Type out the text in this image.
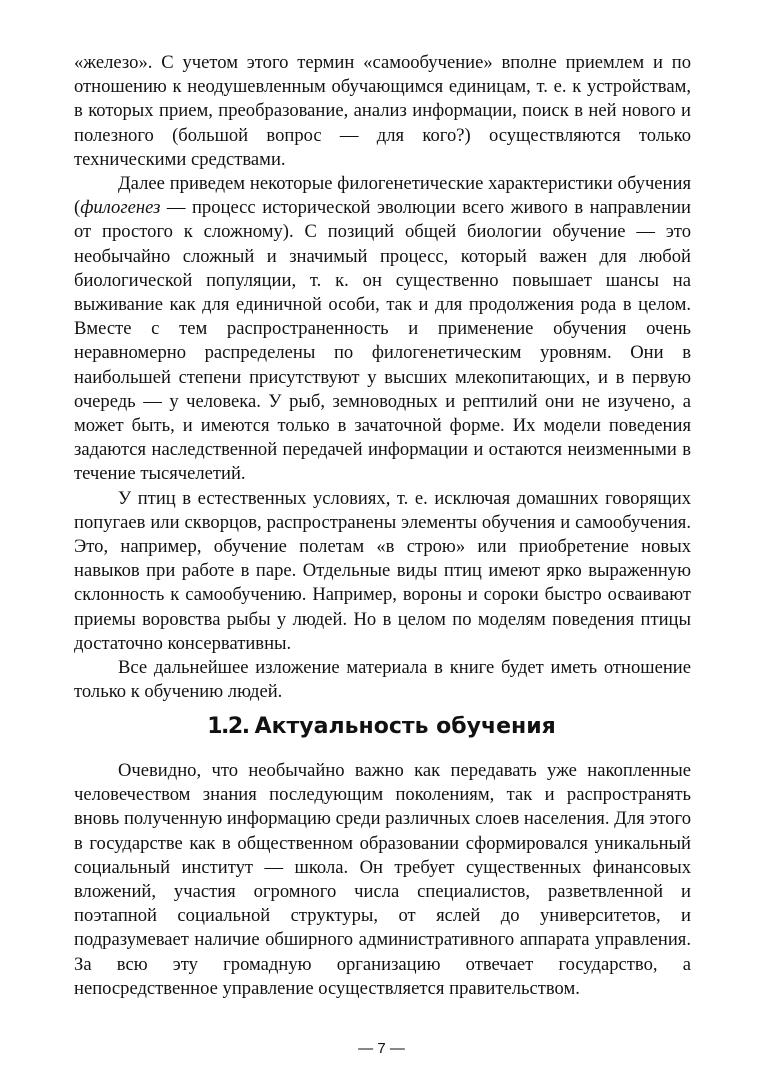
«железо». С учетом этого термин «самообучение» вполне приемлем и по отношению к неодушевленным обучающимся единицам, т. е. к устройствам, в которых прием, преобразование, анализ информации, поиск в ней нового и полезного (большой вопрос — для кого?) осуществляются только техническими средствами.

Далее приведем некоторые филогенетические характеристики обучения (филогенез — процесс исторической эволюции всего живого в направлении от простого к сложному). С позиций общей биологии обучение — это необычайно сложный и значимый процесс, который важен для любой биологической популяции, т. к. он существенно повышает шансы на выживание как для единичной особи, так и для продолжения рода в целом. Вместе с тем распространенность и применение обучения очень неравномерно распределены по филогенетическим уровням. Они в наибольшей степени присутствуют у высших млекопитающих, и в первую очередь — у человека. У рыб, земноводных и рептилий они не изучено, а может быть, и имеются только в зачаточной форме. Их модели поведения задаются наследственной передачей информации и остаются неизменными в течение тысячелетий.

У птиц в естественных условиях, т. е. исключая домашних говорящих попугаев или скворцов, распространены элементы обучения и самообучения. Это, например, обучение полетам «в строю» или приобретение новых навыков при работе в паре. Отдельные виды птиц имеют ярко выраженную склонность к самообучению. Например, вороны и сороки быстро осваивают приемы воровства рыбы у людей. Но в целом по моделям поведения птицы достаточно консервативны.

Все дальнейшее изложение материала в книге будет иметь отношение только к обучению людей.

1.2. Актуальность обучения

Очевидно, что необычайно важно как передавать уже накопленные человечеством знания последующим поколениям, так и распространять вновь полученную информацию среди различных слоев населения. Для этого в государстве как в общественном образовании сформировался уникальный социальный институт — школа. Он требует существенных финансовых вложений, участия огромного числа специалистов, разветвленной и поэтапной социальной структуры, от яслей до университетов, и подразумевает наличие обширного административного аппарата управления. За всю эту громадную организацию отвечает государство, а непосредственное управление осуществляется правительством.

— 7 —
